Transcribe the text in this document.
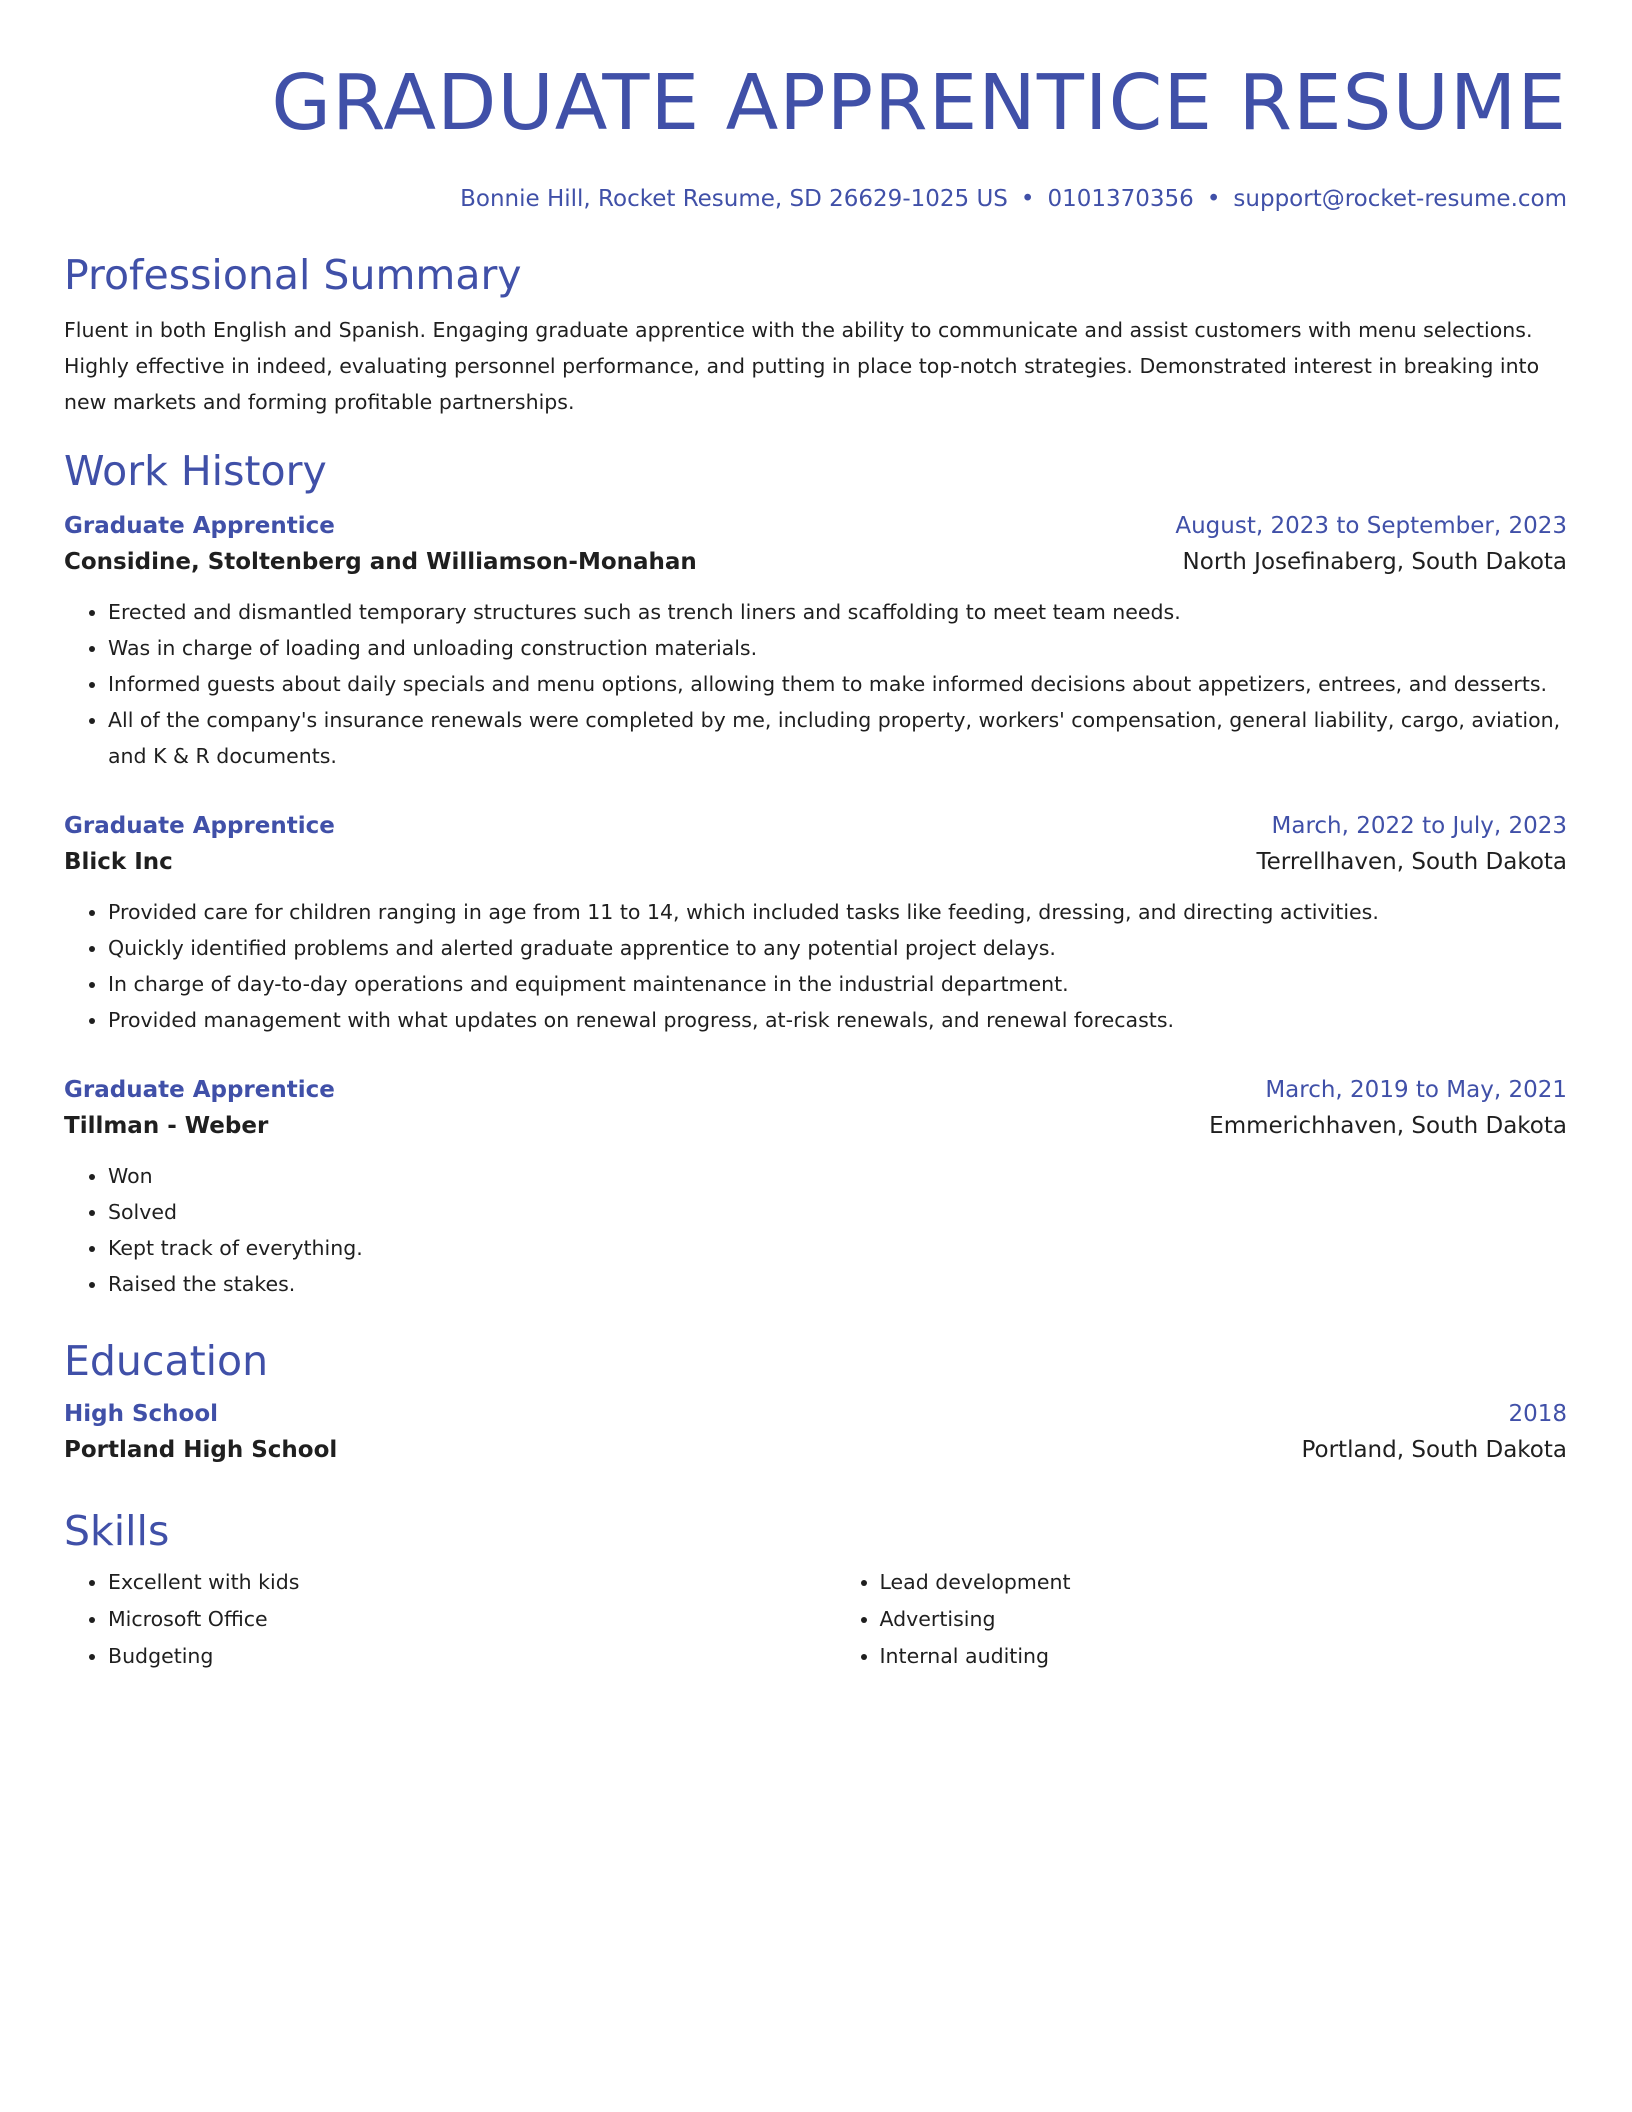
GRADUATE APPRENTICE RESUME
Bonnie Hill, Rocket Resume, SD 26629-1025 US • 0101370356 • support@rocket-resume.com
Professional Summary

Fluent in both English and Spanish. Engaging graduate apprentice with the ability to communicate and assist customers with menu selections. Highly effective in indeed, evaluating personnel performance, and putting in place top-notch strategies. Demonstrated interest in breaking into new markets and forming profitable partnerships.

Work History
Graduate Apprentice	August, 2023 to September, 2023
Considine, Stoltenberg and Williamson-Monahan	North Josefinaberg, South Dakota
• Erected and dismantled temporary structures such as trench liners and scaffolding to meet team needs.
• Was in charge of loading and unloading construction materials.
• Informed guests about daily specials and menu options, allowing them to make informed decisions about appetizers, entrees, and desserts.
• All of the company's insurance renewals were completed by me, including property, workers' compensation, general liability, cargo, aviation, and K & R documents.
Graduate Apprentice	March, 2022 to July, 2023
Blick Inc	Terrellhaven, South Dakota
• Provided care for children ranging in age from 11 to 14, which included tasks like feeding, dressing, and directing activities.
• Quickly identified problems and alerted graduate apprentice to any potential project delays.
• In charge of day-to-day operations and equipment maintenance in the industrial department.
• Provided management with what updates on renewal progress, at-risk renewals, and renewal forecasts.
Graduate Apprentice	March, 2019 to May, 2021
Tillman - Weber	Emmerichhaven, South Dakota
• Won
• Solved
• Kept track of everything.
• Raised the stakes.
Education
High School	2018
Portland High School	Portland, South Dakota
Skills
• Excellent with kids
• Microsoft Office
• Budgeting
• Lead development
• Advertising
• Internal auditing
